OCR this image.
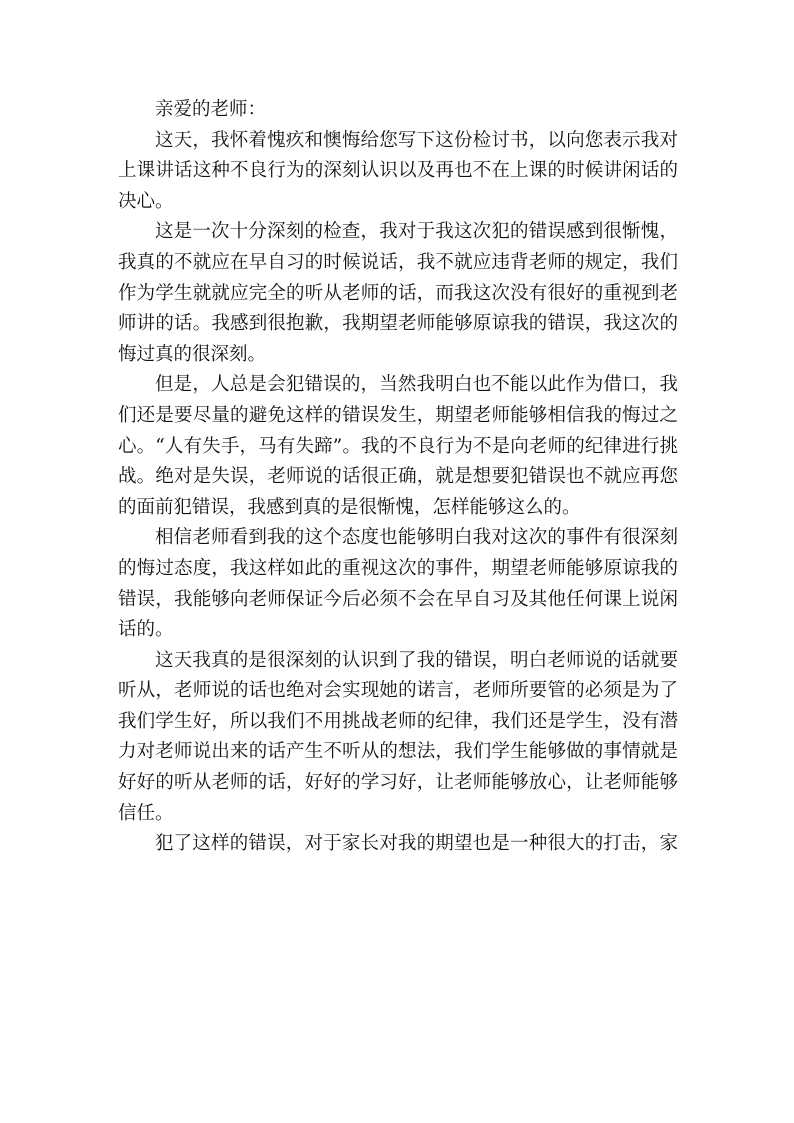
亲爱的老师：
这天，我怀着愧疚和懊悔给您写下这份检讨书，以向您表示我对
上课讲话这种不良行为的深刻认识以及再也不在上课的时候讲闲话的
决心。
这是一次十分深刻的检查，我对于我这次犯的错误感到很惭愧，
我真的不就应在早自习的时候说话，我不就应违背老师的规定，我们
作为学生就就应完全的听从老师的话，而我这次没有很好的重视到老
师讲的话。我感到很抱歉，我期望老师能够原谅我的错误，我这次的
悔过真的很深刻。
但是，人总是会犯错误的，当然我明白也不能以此作为借口，我
们还是要尽量的避免这样的错误发生，期望老师能够相信我的悔过之
心。“人有失手，马有失蹄”。我的不良行为不是向老师的纪律进行挑
战。绝对是失误，老师说的话很正确，就是想要犯错误也不就应再您
的面前犯错误，我感到真的是很惭愧，怎样能够这么的。
相信老师看到我的这个态度也能够明白我对这次的事件有很深刻
的悔过态度，我这样如此的重视这次的事件，期望老师能够原谅我的
错误，我能够向老师保证今后必须不会在早自习及其他任何课上说闲
话的。
这天我真的是很深刻的认识到了我的错误，明白老师说的话就要
听从，老师说的话也绝对会实现她的诺言，老师所要管的必须是为了
我们学生好，所以我们不用挑战老师的纪律，我们还是学生，没有潜
力对老师说出来的话产生不听从的想法，我们学生能够做的事情就是
好好的听从老师的话，好好的学习好，让老师能够放心，让老师能够
信任。
犯了这样的错误，对于家长对我的期望也是一种很大的打击，家
